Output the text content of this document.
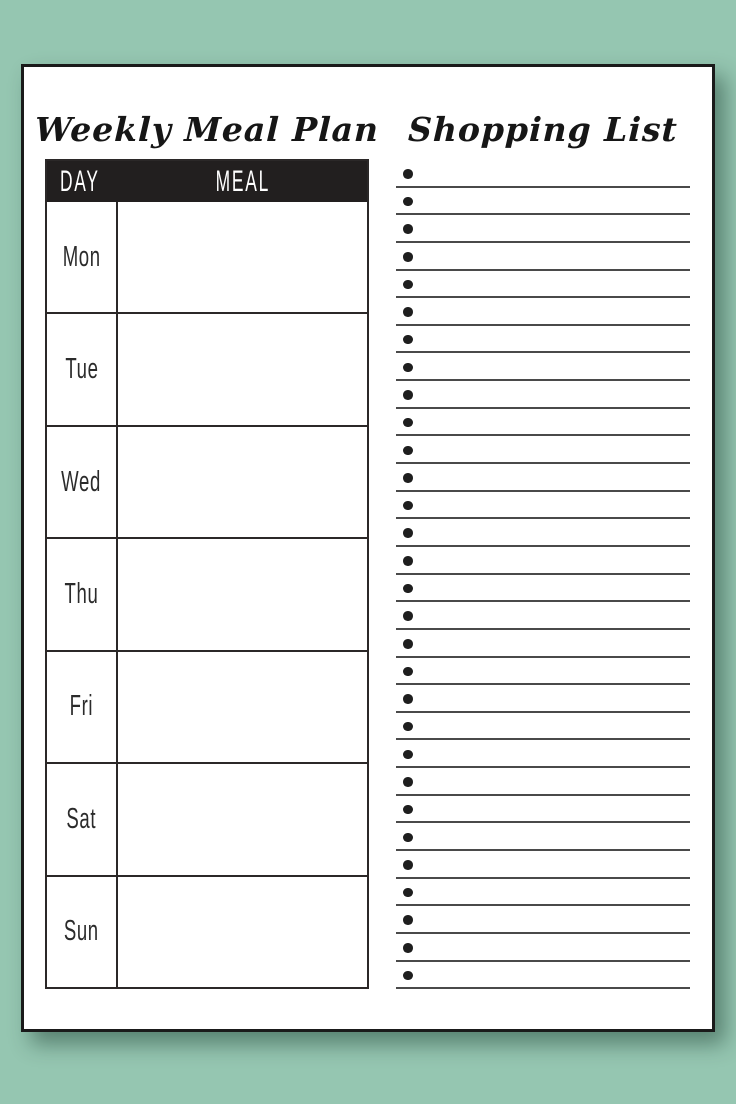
Weekly Meal Plan Shopping List
DAY	MEAL
Mon
Tue
Wed
Thu
Fri
Sat
Sun
